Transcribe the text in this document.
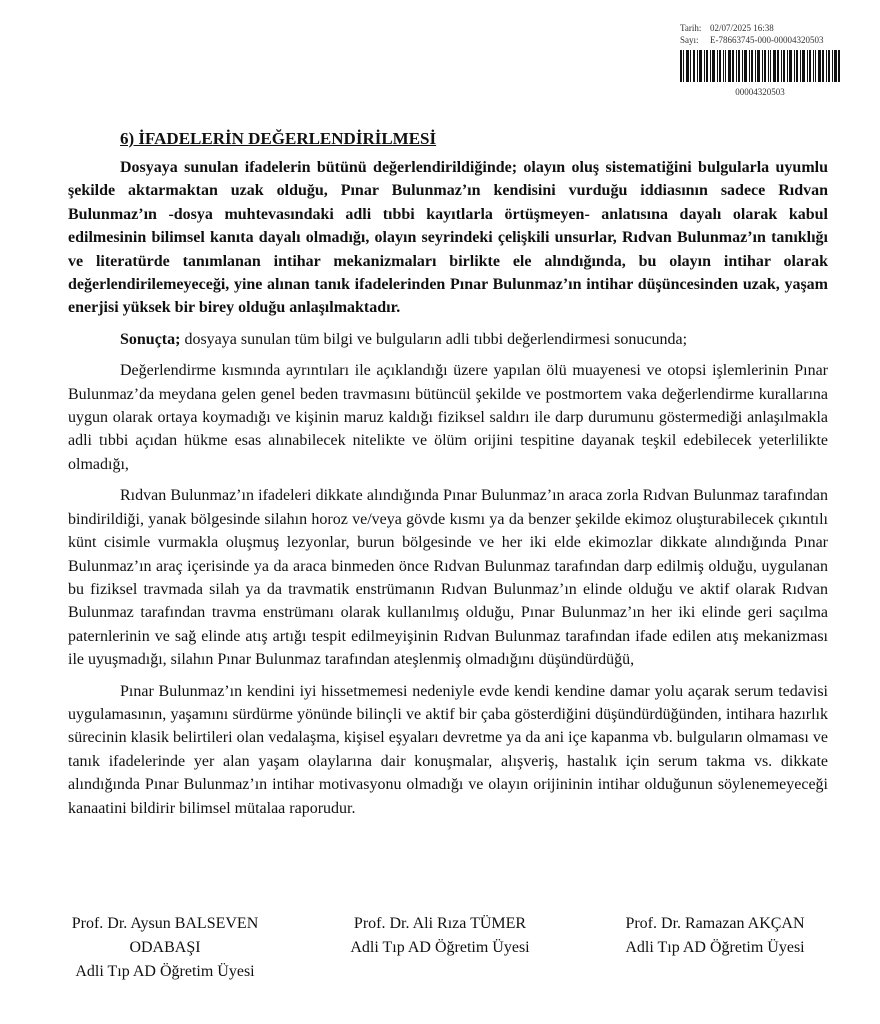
Tarih: 02/07/2025 16:38
Sayı:	E-78663745-000-00004320503
00004320503
6) İFADELERİN DEĞERLENDİRİLMESİ

Dosyaya sunulan ifadelerin bütünü değerlendirildiğinde; olayın oluş sistematiğini bulgularla uyumlu şekilde aktarmaktan uzak olduğu, Pınar Bulunmaz’ın kendisini vurduğu iddiasının sadece Rıdvan Bulunmaz’ın -dosya muhtevasındaki adli tıbbi kayıtlarla örtüşmeyen- anlatısına dayalı olarak kabul edilmesinin bilimsel kanıta dayalı olmadığı, olayın seyrindeki çelişkili unsurlar, Rıdvan Bulunmaz’ın tanıklığı ve literatürde tanımlanan intihar mekanizmaları birlikte ele alındığında, bu olayın intihar olarak değerlendirilemeyeceği, yine alınan tanık ifadelerinden Pınar Bulunmaz’ın intihar düşüncesinden uzak, yaşam enerjisi yüksek bir birey olduğu anlaşılmaktadır.

Sonuçta; dosyaya sunulan tüm bilgi ve bulguların adli tıbbi değerlendirmesi sonucunda;

Değerlendirme kısmında ayrıntıları ile açıklandığı üzere yapılan ölü muayenesi ve otopsi işlemlerinin Pınar Bulunmaz’da meydana gelen genel beden travmasını bütüncül şekilde ve postmortem vaka değerlendirme kurallarına uygun olarak ortaya koymadığı ve kişinin maruz kaldığı fiziksel saldırı ile darp durumunu göstermediği anlaşılmakla adli tıbbi açıdan hükme esas alınabilecek nitelikte ve ölüm orijini tespitine dayanak teşkil edebilecek yeterlilikte olmadığı,

Rıdvan Bulunmaz’ın ifadeleri dikkate alındığında Pınar Bulunmaz’ın araca zorla Rıdvan Bulunmaz tarafından bindirildiği, yanak bölgesinde silahın horoz ve/veya gövde kısmı ya da benzer şekilde ekimoz oluşturabilecek çıkıntılı künt cisimle vurmakla oluşmuş lezyonlar, burun bölgesinde ve her iki elde ekimozlar dikkate alındığında Pınar Bulunmaz’ın araç içerisinde ya da araca binmeden önce Rıdvan Bulunmaz tarafından darp edilmiş olduğu, uygulanan bu fiziksel travmada silah ya da travmatik enstrümanın Rıdvan Bulunmaz’ın elinde olduğu ve aktif olarak Rıdvan Bulunmaz tarafından travma enstrümanı olarak kullanılmış olduğu, Pınar Bulunmaz’ın her iki elinde geri saçılma paternlerinin ve sağ elinde atış artığı tespit edilmeyişinin Rıdvan Bulunmaz tarafından ifade edilen atış mekanizması ile uyuşmadığı, silahın Pınar Bulunmaz tarafından ateşlenmiş olmadığını düşündürdüğü,

Pınar Bulunmaz’ın kendini iyi hissetmemesi nedeniyle evde kendi kendine damar yolu açarak serum tedavisi uygulamasının, yaşamını sürdürme yönünde bilinçli ve aktif bir çaba gösterdiğini düşündürdüğünden, intihara hazırlık sürecinin klasik belirtileri olan vedalaşma, kişisel eşyaları devretme ya da ani içe kapanma vb. bulguların olmaması ve tanık ifadelerinde yer alan yaşam olaylarına dair konuşmalar, alışveriş, hastalık için serum takma vs. dikkate alındığında Pınar Bulunmaz’ın intihar motivasyonu olmadığı ve olayın orijininin intihar olduğunun söylenemeyeceği kanaatini bildirir bilimsel mütalaa raporudur.

Prof. Dr. Aysun BALSEVEN
ODABAŞI
Adli Tıp AD Öğretim Üyesi
Prof. Dr. Ali Rıza TÜMER
Adli Tıp AD Öğretim Üyesi
Prof. Dr. Ramazan AKÇAN
Adli Tıp AD Öğretim Üyesi
